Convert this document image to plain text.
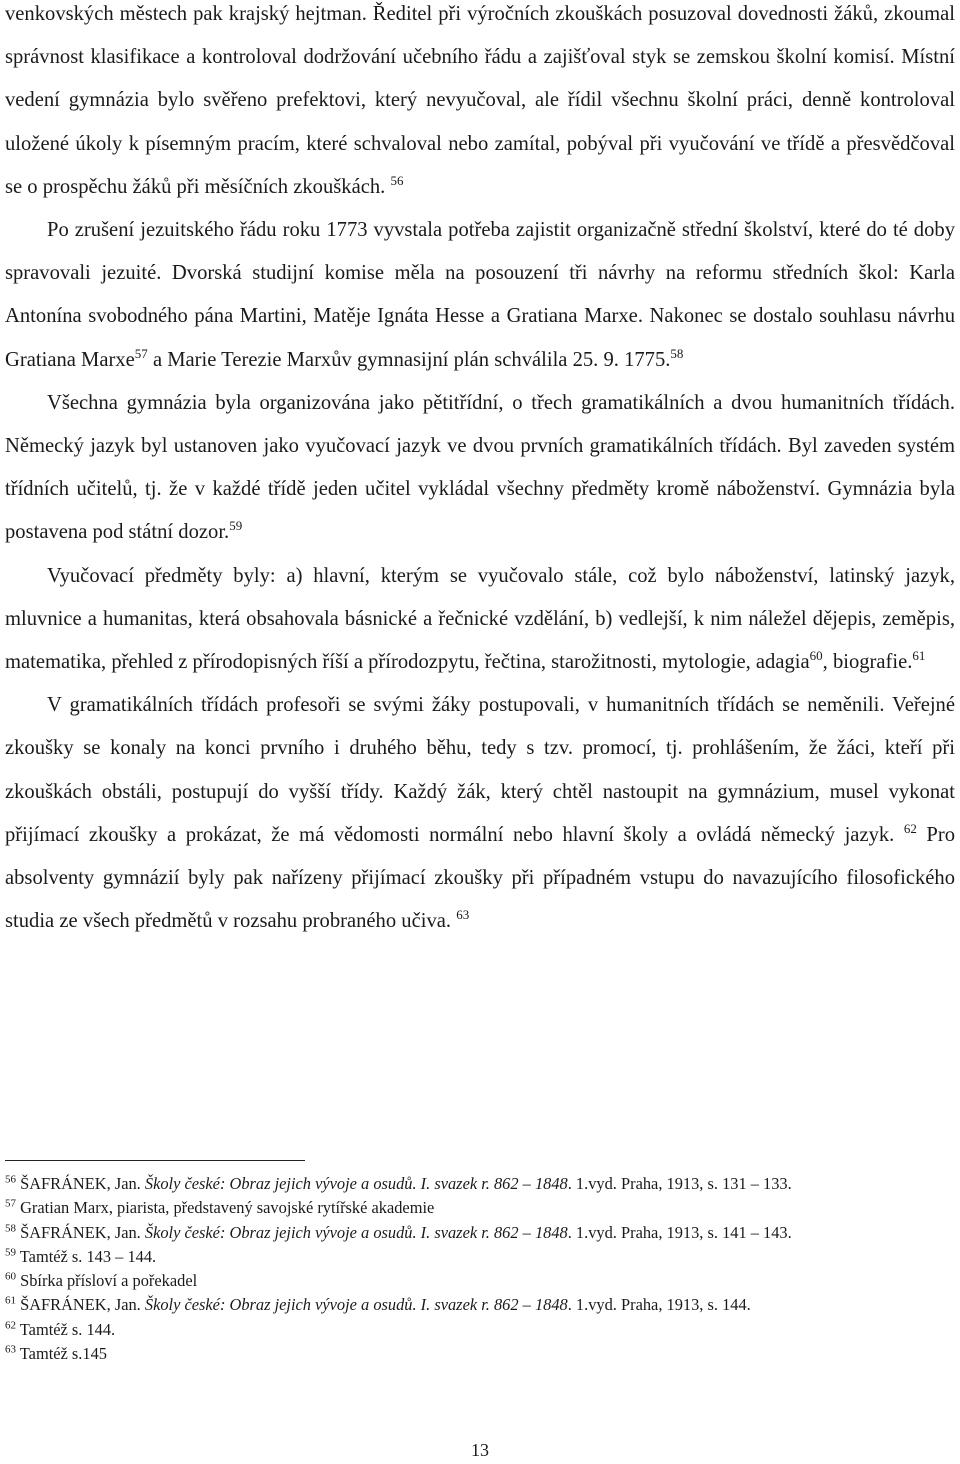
venkovských městech pak krajský hejtman. Ředitel při výročních zkouškách posuzoval dovednosti žáků, zkoumal správnost klasifikace a kontroloval dodržování učebního řádu a zajišťoval styk se zemskou školní komisí. Místní vedení gymnázia bylo svěřeno prefektovi, který nevyučoval, ale řídil všechnu školní práci, denně kontroloval uložené úkoly k písemným pracím, které schvaloval nebo zamítal, pobýval při vyučování ve třídě a přesvědčoval se o prospěchu žáků při měsíčních zkouškách. $^{56}$

Po zrušení jezuitského řádu roku 1773 vyvstala potřeba zajistit organizačně střední školství, které do té doby spravovali jezuité. Dvorská studijní komise měla na posouzení tři návrhy na reformu středních škol: Karla Antonína svobodného pána Martini, Matěje Ignáta Hesse a Gratiana Marxe. Nakonec se dostalo souhlasu návrhu Gratiana Marxe$^{57}$ a Marie Terezie Marxův gymnasijní plán schválila 25. 9. 1775.58

Všechna gymnázia byla organizována jako pětitřídní, o třech gramatikálních a dvou humanitních třídách. Německý jazyk byl ustanoven jako vyučovací jazyk ve dvou prvních gramatikálních třídách. Byl zaveden systém třídních učitelů, tj. že v každé třídě jeden učitel vykládal všechny předměty kromě náboženství. Gymnázia byla postavena pod státní dozor.$^{59}$

Vyučovací předměty byly: a) hlavní, kterým se vyučovalo stále, což bylo náboženství, latinský jazyk, mluvnice a humanitas, která obsahovala básnické a řečnické vzdělání, b) vedlejší, k nim náležel dějepis, zeměpis, matematika, přehled z přírodopisných říší a přírodozpytu, řečtina, starožitnosti, mytologie, adagia$^{60}$, biografie.$^{61}$

V gramatikálních třídách profesoři se svými žáky postupovali, v humanitních třídách se neměnili. Veřejné zkoušky se konaly na konci prvního i druhého běhu, tedy s tzv. promocí, tj. prohlášením, že žáci, kteří při zkouškách obstáli, postupují do vyšší třídy. Každý žák, který chtěl nastoupit na gymnázium, musel vykonat přijímací zkoušky a prokázat, že má vědomosti normální nebo hlavní školy a ovládá německý jazyk. $^{62}$ Pro absolventy gymnázií byly pak nařízeny přijímací zkoušky při případném vstupu do navazujícího filosofického studia ze všech předmětů v rozsahu probraného učiva. $^{63}$

$^{56}$ ŠAFRÁNEK, Jan. Školy české: Obraz jejich vývoje a osudů. I. svazek r. 862 – 1848. 1.vyd. Praha, 1913, s. 131 – 133.

$^{57}$ Gratian Marx, piarista, představený savojské rytířské akademie

$^{58}$ ŠAFRÁNEK, Jan. Školy české: Obraz jejich vývoje a osudů. I. svazek r. 862 – 1848. 1.vyd. Praha, 1913, s. 141 – 143.

$^{59}$ Tamtéž s. 143 – 144.

$^{60}$ Sbírka přísloví a pořekadel

$^{61}$ ŠAFRÁNEK, Jan. Školy české: Obraz jejich vývoje a osudů. I. svazek r. 862 – 1848. 1.vyd. Praha, 1913, s. 144.

$^{62}$ Tamtéž s. 144.

$^{63}$ Tamtéž s.145

13
